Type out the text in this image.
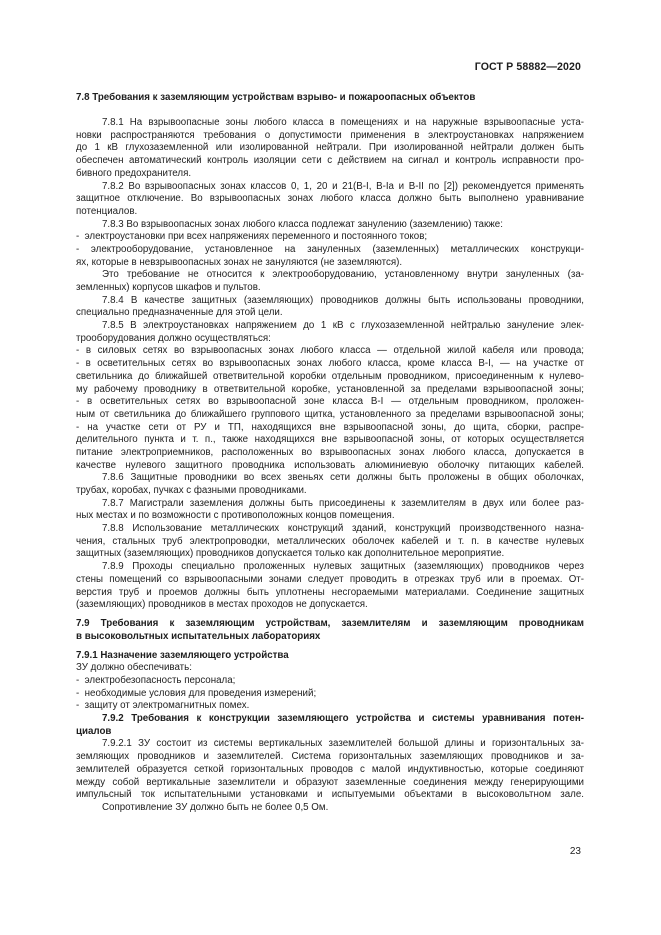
ГОСТ Р 58882—2020
7.8 Требования к заземляющим устройствам взрыво- и пожароопасных объектов
7.8.1 На взрывоопасные зоны любого класса в помещениях и на наружные взрывоопасные уста-
новки распространяются требования о допустимости применения в электроустановках напряжением
до 1 кВ глухозаземленной или изолированной нейтрали. При изолированной нейтрали должен быть
обеспечен автоматический контроль изоляции сети с действием на сигнал и контроль исправности про-
бивного предохранителя.
7.8.2 Во взрывоопасных зонах классов 0, 1, 20 и 21(В-I, В-Iа и В-II по [2]) рекомендуется применять
защитное отключение. Во взрывоопасных зонах любого класса должно быть выполнено уравнивание
потенциалов.
7.8.3 Во взрывоопасных зонах любого класса подлежат занулению (заземлению) также:
-  электроустановки при всех напряжениях переменного и постоянного токов;
- электрооборудование, установленное на зануленных (заземленных) металлических конструкци-
ях, которые в невзрывоопасных зонах не зануляются (не заземляются).
Это требование не относится к электрооборудованию, установленному внутри зануленных (за-
земленных) корпусов шкафов и пультов.
7.8.4 В качестве защитных (заземляющих) проводников должны быть использованы проводники,
специально предназначенные для этой цели.
7.8.5 В электроустановках напряжением до 1 кВ с глухозаземленной нейтралью зануление элек-
трооборудования должно осуществляться:
- в силовых сетях во взрывоопасных зонах любого класса — отдельной жилой кабеля или провода;
- в осветительных сетях во взрывоопасных зонах любого класса, кроме класса В-I, — на участке от
светильника до ближайшей ответвительной коробки отдельным проводником, присоединенным к нулево-
му рабочему проводнику в ответвительной коробке, установленной за пределами взрывоопасной зоны;
- в осветительных сетях во взрывоопасной зоне класса В-I — отдельным проводником, проложен-
ным от светильника до ближайшего группового щитка, установленного за пределами взрывоопасной зоны;
- на участке сети от РУ и ТП, находящихся вне взрывоопасной зоны, до щита, сборки, распре-
делительного пункта и т. п., также находящихся вне взрывоопасной зоны, от которых осуществляется
питание электроприемников, расположенных во взрывоопасных зонах любого класса, допускается в
качестве нулевого защитного проводника использовать алюминиевую оболочку питающих кабелей.
7.8.6 Защитные проводники во всех звеньях сети должны быть проложены в общих оболочках,
трубах, коробах, пучках с фазными проводниками.
7.8.7 Магистрали заземления должны быть присоединены к заземлителям в двух или более раз-
ных местах и по возможности с противоположных концов помещения.
7.8.8 Использование металлических конструкций зданий, конструкций производственного назна-
чения, стальных труб электропроводки, металлических оболочек кабелей и т. п. в качестве нулевых
защитных (заземляющих) проводников допускается только как дополнительное мероприятие.
7.8.9 Проходы специально проложенных нулевых защитных (заземляющих) проводников через
стены помещений со взрывоопасными зонами следует проводить в отрезках труб или в проемах. От-
верстия труб и проемов должны быть уплотнены несгораемыми материалами. Соединение защитных
(заземляющих) проводников в местах проходов не допускается.
7.9 Требования к заземляющим устройствам, заземлителям и заземляющим проводникам
в высоковольтных испытательных лабораториях
7.9.1 Назначение заземляющего устройства
ЗУ должно обеспечивать:
-  электробезопасность персонала;
-  необходимые условия для проведения измерений;
-  защиту от электромагнитных помех.
7.9.2 Требования к конструкции заземляющего устройства и системы уравнивания потен-
циалов
7.9.2.1 ЗУ состоит из системы вертикальных заземлителей большой длины и горизонтальных за-
земляющих проводников и заземлителей. Система горизонтальных заземляющих проводников и за-
землителей образуется сеткой горизонтальных проводов с малой индуктивностью, которые соединяют
между собой вертикальные заземлители и образуют заземленные соединения между генерирующими
импульсный ток испытательными установками и испытуемыми объектами в высоковольтном зале.
Сопротивление ЗУ должно быть не более 0,5 Ом.
23
